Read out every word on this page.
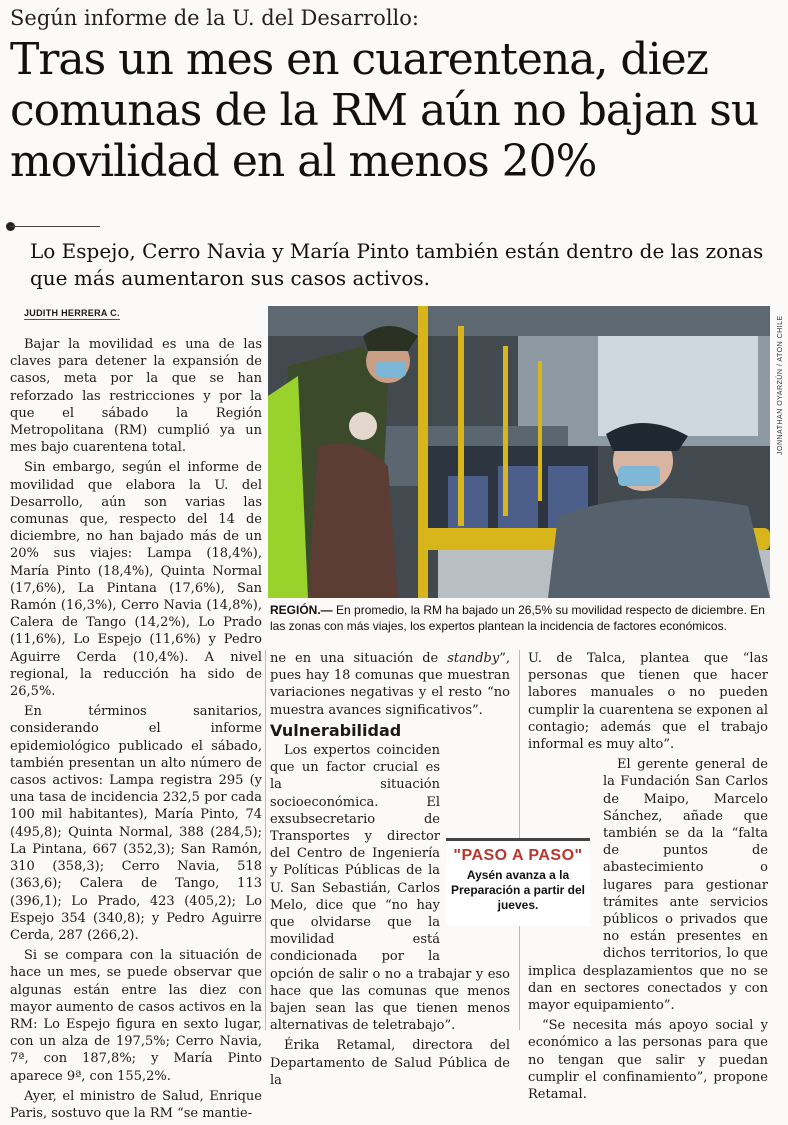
Según informe de la U. del Desarrollo:
Tras un mes en cuarentena, diez comunas de la RM aún no bajan su movilidad en al menos 20%
Lo Espejo, Cerro Navia y María Pinto también están dentro de las zonas que más aumentaron sus casos activos.
JUDITH HERRERA C.
JONNATHAN OYARZÚN / ATON CHILE
REGIÓN.— En promedio, la RM ha bajado un 26,5% su movilidad respecto de diciembre. En las zonas con más viajes, los expertos plantean la incidencia de factores económicos.

Bajar la movilidad es una de las claves para detener la expansión de casos, meta por la que se han reforzado las restricciones y por la que el sábado la Región Metropolitana (RM) cumplió ya un mes bajo cuarentena total.

Sin embargo, según el informe de movilidad que elabora la U. del Desarrollo, aún son varias las comunas que, respecto del 14 de diciembre, no han bajado más de un 20% sus viajes: Lampa (18,4%), María Pinto (18,4%), Quinta Normal (17,6%), La Pintana (17,6%), San Ramón (16,3%), Cerro Navia (14,8%), Calera de Tango (14,2%), Lo Prado (11,6%), Lo Espejo (11,6%) y Pedro Aguirre Cerda (10,4%). A nivel regional, la reducción ha sido de 26,5%.

En términos sanitarios, considerando el informe epidemiológico publicado el sábado, también presentan un alto número de casos activos: Lampa registra 295 (y una tasa de incidencia 232,5 por cada 100 mil habitantes), María Pinto, 74 (495,8); Quinta Normal, 388 (284,5); La Pintana, 667 (352,3); San Ramón, 310 (358,3); Cerro Navia, 518 (363,6); Calera de Tango, 113 (396,1); Lo Prado, 423 (405,2); Lo Espejo 354 (340,8); y Pedro Aguirre Cerda, 287 (266,2).

Si se compara con la situación de hace un mes, se puede observar que algunas están entre las diez con mayor aumento de casos activos en la RM: Lo Espejo figura en sexto lugar, con un alza de 197,5%; Cerro Navia, 7ª, con 187,8%; y María Pinto aparece 9ª, con 155,2%.

Ayer, el ministro de Salud, Enrique Paris, sostuvo que la RM “se mantie-

ne en una situación de standby”, pues hay 18 comunas que muestran variaciones negativas y el resto “no muestra avances significativos”.

Vulnerabilidad

Los expertos coinciden que un factor crucial es la situación socioeconómica. El exsubsecretario de Transportes y director del Centro de Ingeniería y Políticas Públicas de la U. San Sebastián, Carlos Melo, dice que “no hay que olvidarse que la movilidad está condicionada por la opción de salir o no a trabajar y eso hace que las comunas que menos bajen sean las que tienen menos alternativas de teletrabajo”.

Érika Retamal, directora del Departamento de Salud Pública de la

U. de Talca, plantea que “las personas que tienen que hacer labores manuales o no pueden cumplir la cuarentena se exponen al contagio; además que el trabajo informal es muy alto”.

El gerente general de la Fundación San Carlos de Maipo, Marcelo Sánchez, añade que también se da la “falta de puntos de abastecimiento o lugares para gestionar trámites ante servicios públicos o privados que no están presentes en dichos territorios, lo que implica desplazamientos que no se dan en sectores conectados y con mayor equipamiento”.

“Se necesita más apoyo social y económico a las personas para que no tengan que salir y puedan cumplir el confinamiento”, propone Retamal.

"PASO A PASO"
Aysén avanza a la Preparación a partir del jueves.
